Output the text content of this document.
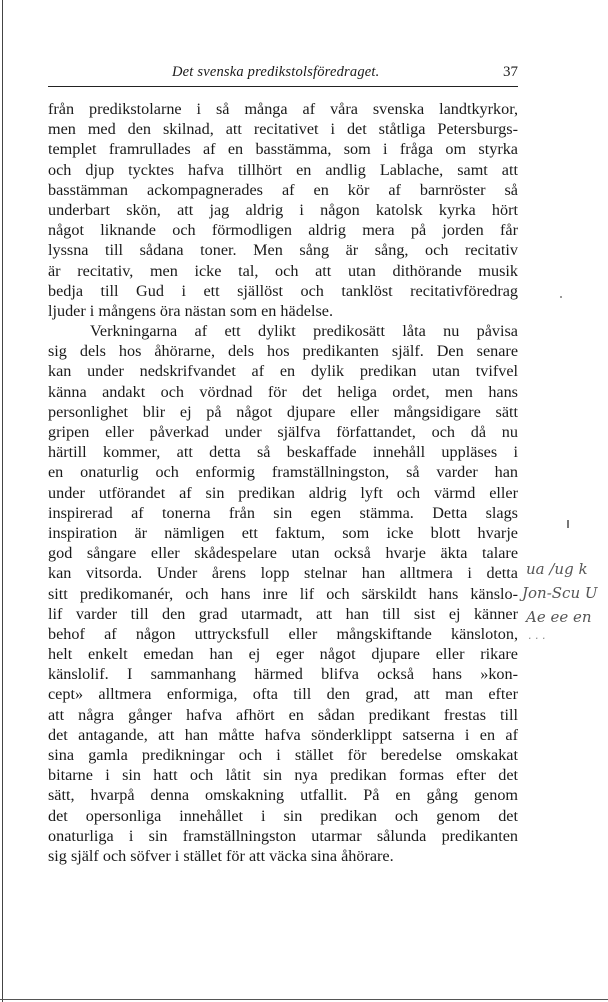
Det svenska predikstolsföredraget.	37
från predikstolarne i så många af våra svenska landtkyrkor,
men med den skilnad, att recitativet i det ståtliga Petersburgs-
templet framrullades af en basstämma, som i fråga om styrka
och djup tycktes hafva tillhört en andlig Lablache, samt att
basstämman ackompagnerades af en kör af barnröster så
underbart skön, att jag aldrig i någon katolsk kyrka hört
något liknande och förmodligen aldrig mera på jorden får
lyssna till sådana toner. Men sång är sång, och recitativ
är recitativ, men icke tal, och att utan dithörande musik
bedja till Gud i ett själlöst och tanklöst recitativföredrag
ljuder i mångens öra nästan som en hädelse.
Verkningarna af ett dylikt predikosätt låta nu påvisa
sig dels hos åhörarne, dels hos predikanten själf. Den senare
kan under nedskrifvandet af en dylik predikan utan tvifvel
känna andakt och vördnad för det heliga ordet, men hans
personlighet blir ej på något djupare eller mångsidigare sätt
gripen eller påverkad under själfva författandet, och då nu
härtill kommer, att detta så beskaffade innehåll uppläses i
en onaturlig och enformig framställningston, så varder han
under utförandet af sin predikan aldrig lyft och värmd eller
inspirerad af tonerna från sin egen stämma. Detta slags
inspiration är nämligen ett faktum, som icke blott hvarje
god sångare eller skådespelare utan också hvarje äkta talare
kan vitsorda. Under årens lopp stelnar han alltmera i detta
sitt predikomanér, och hans inre lif och särskildt hans känslo-
lif varder till den grad utarmadt, att han till sist ej känner
behof af någon uttrycksfull eller mångskiftande känsloton,
helt enkelt emedan han ej eger något djupare eller rikare
känslolif. I sammanhang härmed blifva också hans »kon-
cept» alltmera enformiga, ofta till den grad, att man efter
att några gånger hafva afhört en sådan predikant frestas till
det antagande, att han måtte hafva sönderklippt satserna i en af
sina gamla predikningar och i stället för beredelse omskakat
bitarne i sin hatt och låtit sin nya predikan formas efter det
sätt, hvarpå denna omskakning utfallit. På en gång genom
det opersonliga innehållet i sin predikan och genom det
onaturliga i sin framställningston utarmar sålunda predikanten
sig själf och söfver i stället för att väcka sina åhörare.
ua /ug k
Jon-Scu U
Ae ee en
· · ·
